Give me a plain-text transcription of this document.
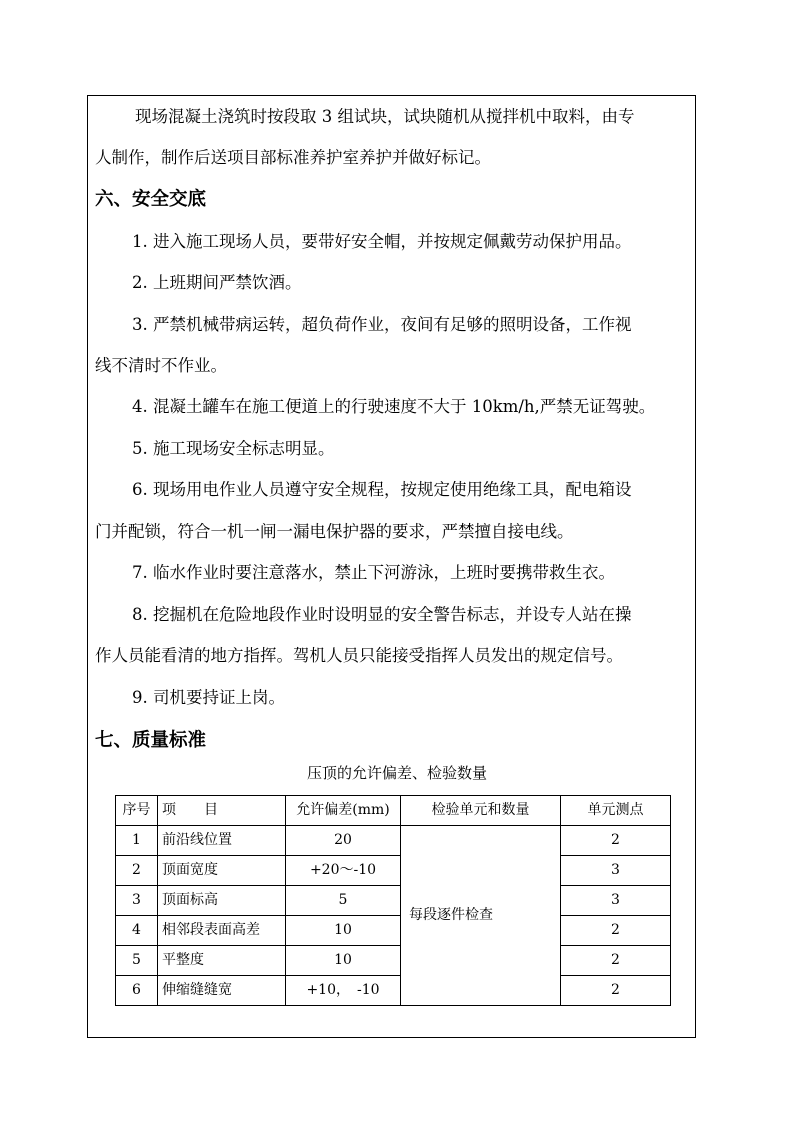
现场混凝土浇筑时按段取 3 组试块，试块随机从搅拌机中取料，由专
人制作，制作后送项目部标准养护室养护并做好标记。
六、安全交底
1. 进入施工现场人员，要带好安全帽，并按规定佩戴劳动保护用品。
2. 上班期间严禁饮酒。
3. 严禁机械带病运转，超负荷作业，夜间有足够的照明设备，工作视
线不清时不作业。
4. 混凝土罐车在施工便道上的行驶速度不大于 10km/h,严禁无证驾驶。
5. 施工现场安全标志明显。
6. 现场用电作业人员遵守安全规程，按规定使用绝缘工具，配电箱设
门并配锁，符合一机一闸一漏电保护器的要求，严禁擅自接电线。
7. 临水作业时要注意落水，禁止下河游泳，上班时要携带救生衣。
8. 挖掘机在危险地段作业时设明显的安全警告标志，并设专人站在操
作人员能看清的地方指挥。驾机人员只能接受指挥人员发出的规定信号。
9. 司机要持证上岗。
七、质量标准
压顶的允许偏差、检验数量
序号	项　　目	允许偏差(mm)	检验单元和数量	单元测点
1	前沿线位置	20	每段逐件检查	2
2	顶面宽度	+20～-10		3
3	顶面标高	5		3
4	相邻段表面高差	10		2
5	平整度	10		2
6	伸缩缝缝宽	+10，　-10		2
